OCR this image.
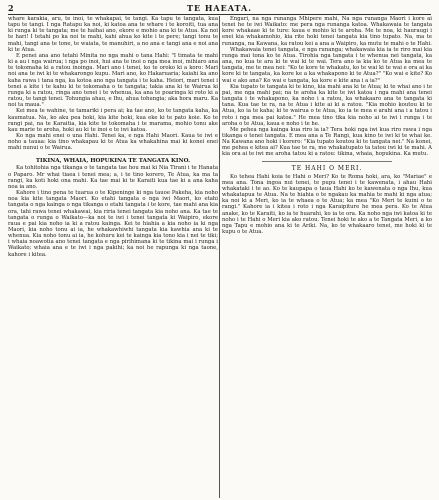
2	TE HAEATA.

whare karakia, aru, te inoi, te whakapai, te tangi. Ka tapu te tangata, kua tapu te tangi. I nga Ratapu ka noi, ki katoa ana te whare i te koroiti, tua ana ki runga ki te tangata; me te haihai ano, ekore e mohio ana ki te Atua. Ka noi te hari! I tetahi po ka noi te mahi, kahi ahua ko kite i te pere; tangi tonu te mahi, tangi ana te tone, te waiata, te manuhiri, a no ana e tangi ana e noi ana ki te Atua.

E penei ana ano tetahi Minita no nga mahi o tana Hahi: "I timata te mahi ki a au i nga wairua; i nga po inoi, hui ana te inoi o nga mea inoi, mihiaro ana te tokomaha ki a ratou inoinga. Mari ano i tenei, ko te oroko ki a koro: Mari noi ana te iwi ki te whakarongo kupu. Mari ano, ko Hakaruaria; kaiahi ka ano kaha rawa i tana nga, ka kotoa ano nga tangata i te kaha. Heiori, mari tenei i tenei a kite i te kahu ki te tokomaha o te tangata; takia ana ki te Wairua ki runga ki a ratou, ringa ano tenei i te whenua, ka ana te poaringa ki roto ki a ratou, te tangi tenei. Tohungia ahau, e Ihu, ahua tohungia; aka hora maru. Ka noi ta maua."

Kei mea te wahine, te tamariki i pera ai; ka tae ano, ko te tangata kaha, ka kaumatua. Na, ko aku pea hoki, kia kite hoki, kua eke ki te pato koie. Ko te rangi pai, na te Karaitia, kia kite te tokomaha i te marama, mohio tonu ake kau marie te aroha, hoki au ki te inoi e te iwi katoa.

Ko nga mahi enei o una Hahi. Tenei ka, e nga Hahi Maori. Kaua te iwi e noho a tauaa: kia tino whakapau ki te Atua ka whakahina mai ki konei enei mahi nunui o te Wairua.

TIKINA, WHAIA, HOPUKINA TE TANGATA KINO.

Ka tohitohia nga tikanga o te tangata tae hou mai ki Nia Tirani i te Hanata o Paparo. Mr whai tiaea i tenei mea; a, i te tino korero, Te Atua, ka ma ta rangi, ka koti hoki ona mahi. Ka tae mai ki te Karaiti kua tae ki a ana kaha noa ia ano.

Kahore i tino pena te tuarua o te Kipeninge ki nga tauoe Pakeha, kia noho noa kia kite tangata Maori. Ko etahi tangata o nga iwi Maori, ko etahi tangata o nga kainga o nga tikanga o etahi tangata i te kore, tae mahi ana kia ora, tahi rawa tenei whakawai, kia riria tenei tangata kia noho ana. Ka tae te tangata o runga o Waikato—ka noi te iwi i tenei tangata ki Waipiro, ekore raua e pai kia noho ia ki a ratou kainga. Kei te hiahia a kia noho ia ki nga Maori, kia noho tonu ai ia, he whakawhiwhi tangata kia kawhia ana ki te whenua. Kia noho tonu ai ia, he kohuru kei te kainga kia tono kia i nei te tiki; i whaia noawotia ano tenei tangata e nga pirihimana ki te tikina mai i runga i Waikato; whaia ana e te iwi i nga pakihi; ka noi he rapunga ki nga taone, kahore i kitea.

Engari, na nga runanga Mhipere mahi, Na nga runanga Maori i kore ai tenei he te iwi Waikato: me pera nga runanga katoa. Whakawaia te tangata kore whakaae ki te ture: kaua e mohio ki te aroha. Me te noa, ki hauraugi i enei kia whakamohio, kia rite hoki tenei tangata kia tino tupato. Na, ma te runanga, na Kawana, ka ratou kei a ana a Waipiro, ka mutu te mahi o te Hahi.

Whakawaia tenei tangata, e nga runanga; whakawaia kia ia te riro mai kia runga mai tona ko te Atua. Tirohia nga tangata i te whenua nei tangata, ka ana, no kua te ara ki te wai ki te wai. Tera ano ia kia ko te Atua ka mea te tangata, me te mea nei: "Ko te kore te whakatu, ko te wai ki te wai e ora ai ka kore ki te tangata, ka kore ke a ka whakapono ki te Atua?" "Ko wai e kite? Ko wai e ako ana? Ko wai e tangata, ka kore e kite ana i a ia?"

Kia tupato te tangata ki te kino, kia mahi ana ki te Atua; ki te whai ano i te pai, me nga mahi pai; na te aroha ka kite te iwi katoa i nga mahi ana tenei tangata i te whakapono, ka noho i a ratou, ka whakaaro ana te tangata ki tana. Kua tae te ra, na te Atua i kite ai ki a ratou. "Kia mohio koutou ki te Atua, ko ia te kaha; ki te wairua o te Atua, ko ia te mea e arahi ana i a tatou i roto i nga mea pai katoa." He mea tino tika kia noho ai te iwi i runga i te aroha o te Atua, kaua e noho i te he.

Me pehea nga kainga kua riro ia ia? Tera hoki nga iwi kua riro rawa i nga tikanga o tenei tangata. E mea ana a Te Rangi, kua kino te iwi ki te whai ke. Na Kawana ano hoki i korero: "Kia tupato koutou ki te tangata nei." Na konei, me pehea e kitea ai? Kua tae te ra, me whakatupato ta tatou iwi ki te mahi. A kia ora ai te iwi me aroha tatou ki a ratou: tikina, whaia, hopukina. Ka mutu.

TE HAHI O MERI.

Ko tehea Hahi koia te Hahi o Meri? Ko te Roma hoki, ara, ko "Mariae" e mea ana. Tona ingoa nui tenei, te pupu tenei i te kawenata, i ahau Hahi whakataki i te ao. Ko te kaupapa o taua Hahi ko te kawenata o nga Ihu, kua whakatapua te Atua. Na te hiahia o te ngakau ka mahia te mahi ki nga atua; ka noi ki a Meri, ko ia te whaea o te Atua; ka mea "Ko Meri te kuini o te rangi." Kahore ia i kitea i roto i nga Karaipiture he mea pera. Ko te Atua anake, ko te Karaiti, ko ia te huarahi, ko ia te ora. Ka noho nga iwi katoa ki te noho i te Hahi o Meri kia ako ratou. Tenei hoki te ako a te Tangata Meri, a ko nga Tapu e mohio ana ki te Ariki. Na, ko te whakaaro tenei, me hoki ki te kupu o te Atua.
